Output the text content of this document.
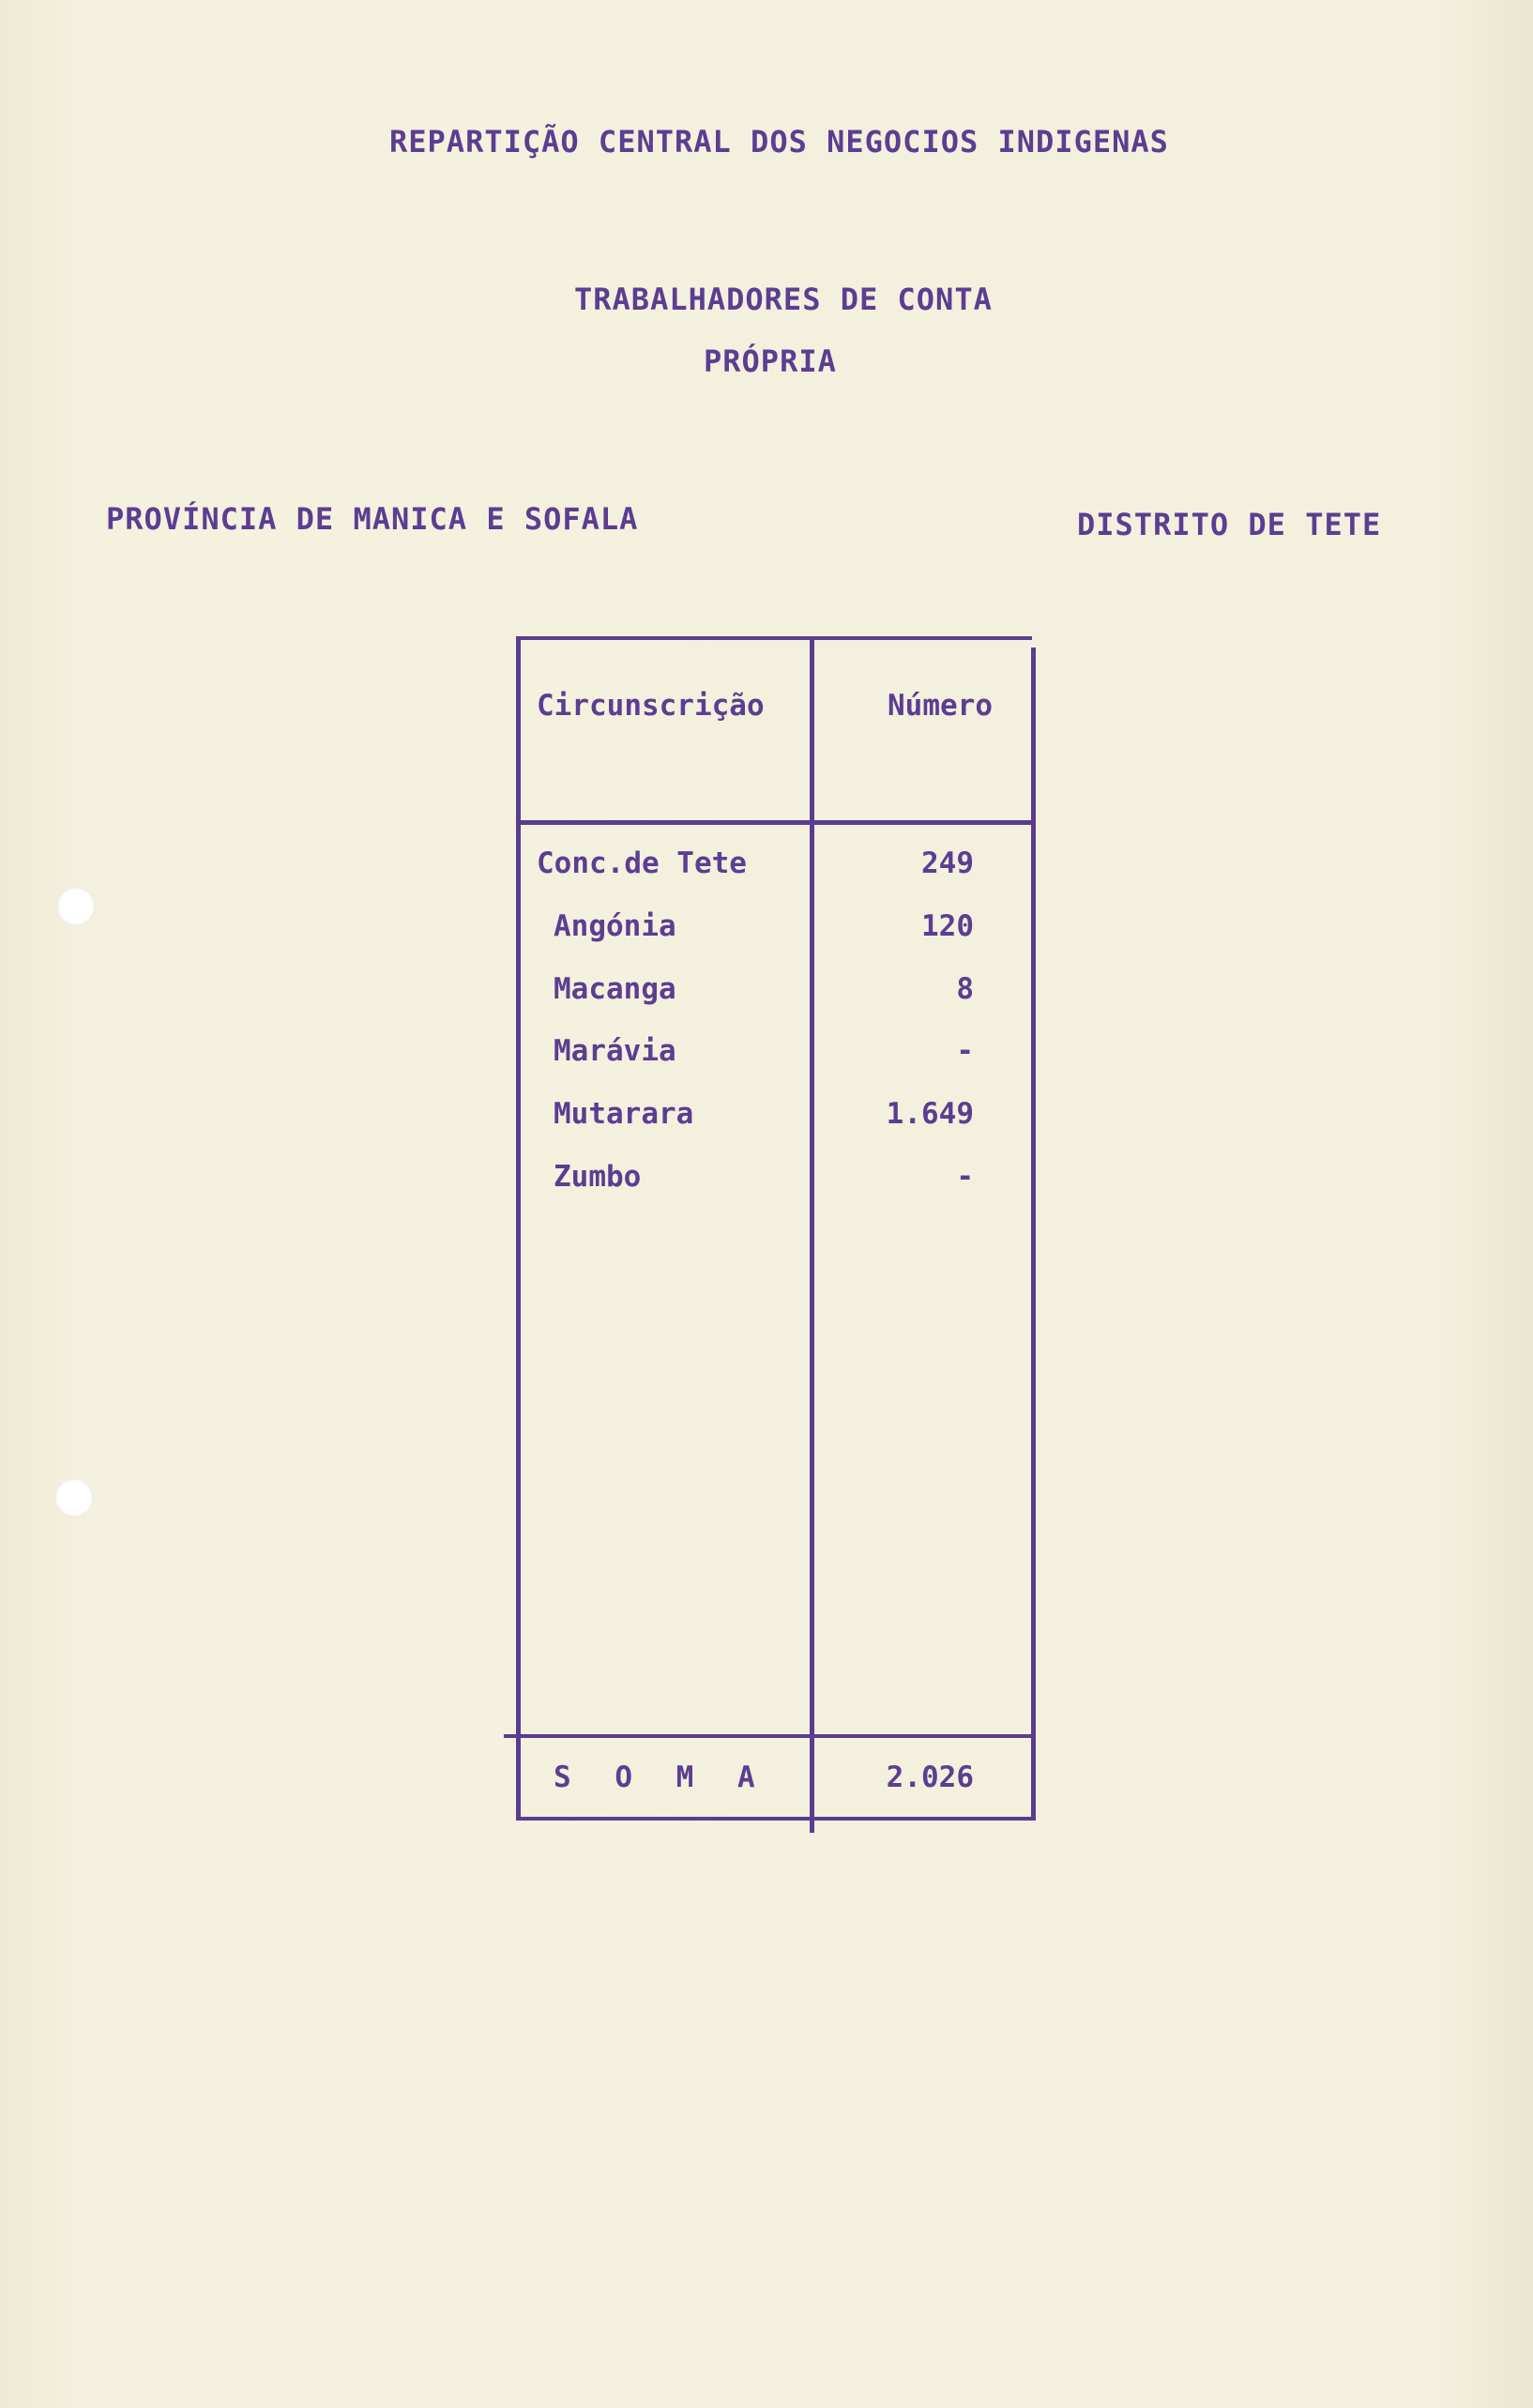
REPARTIÇÃO CENTRAL DOS NEGOCIOS INDIGENAS
TRABALHADORES DE CONTA
PRÓPRIA
PROVÍNCIA DE MANICA E SOFALA	DISTRITO DE TETE
Circunscrição	Número
Conc.de Tete	249
Angónia	120
Macanga	8
Marávia	-
Mutarara	1.649
Zumbo	-
S O M A	2.026
